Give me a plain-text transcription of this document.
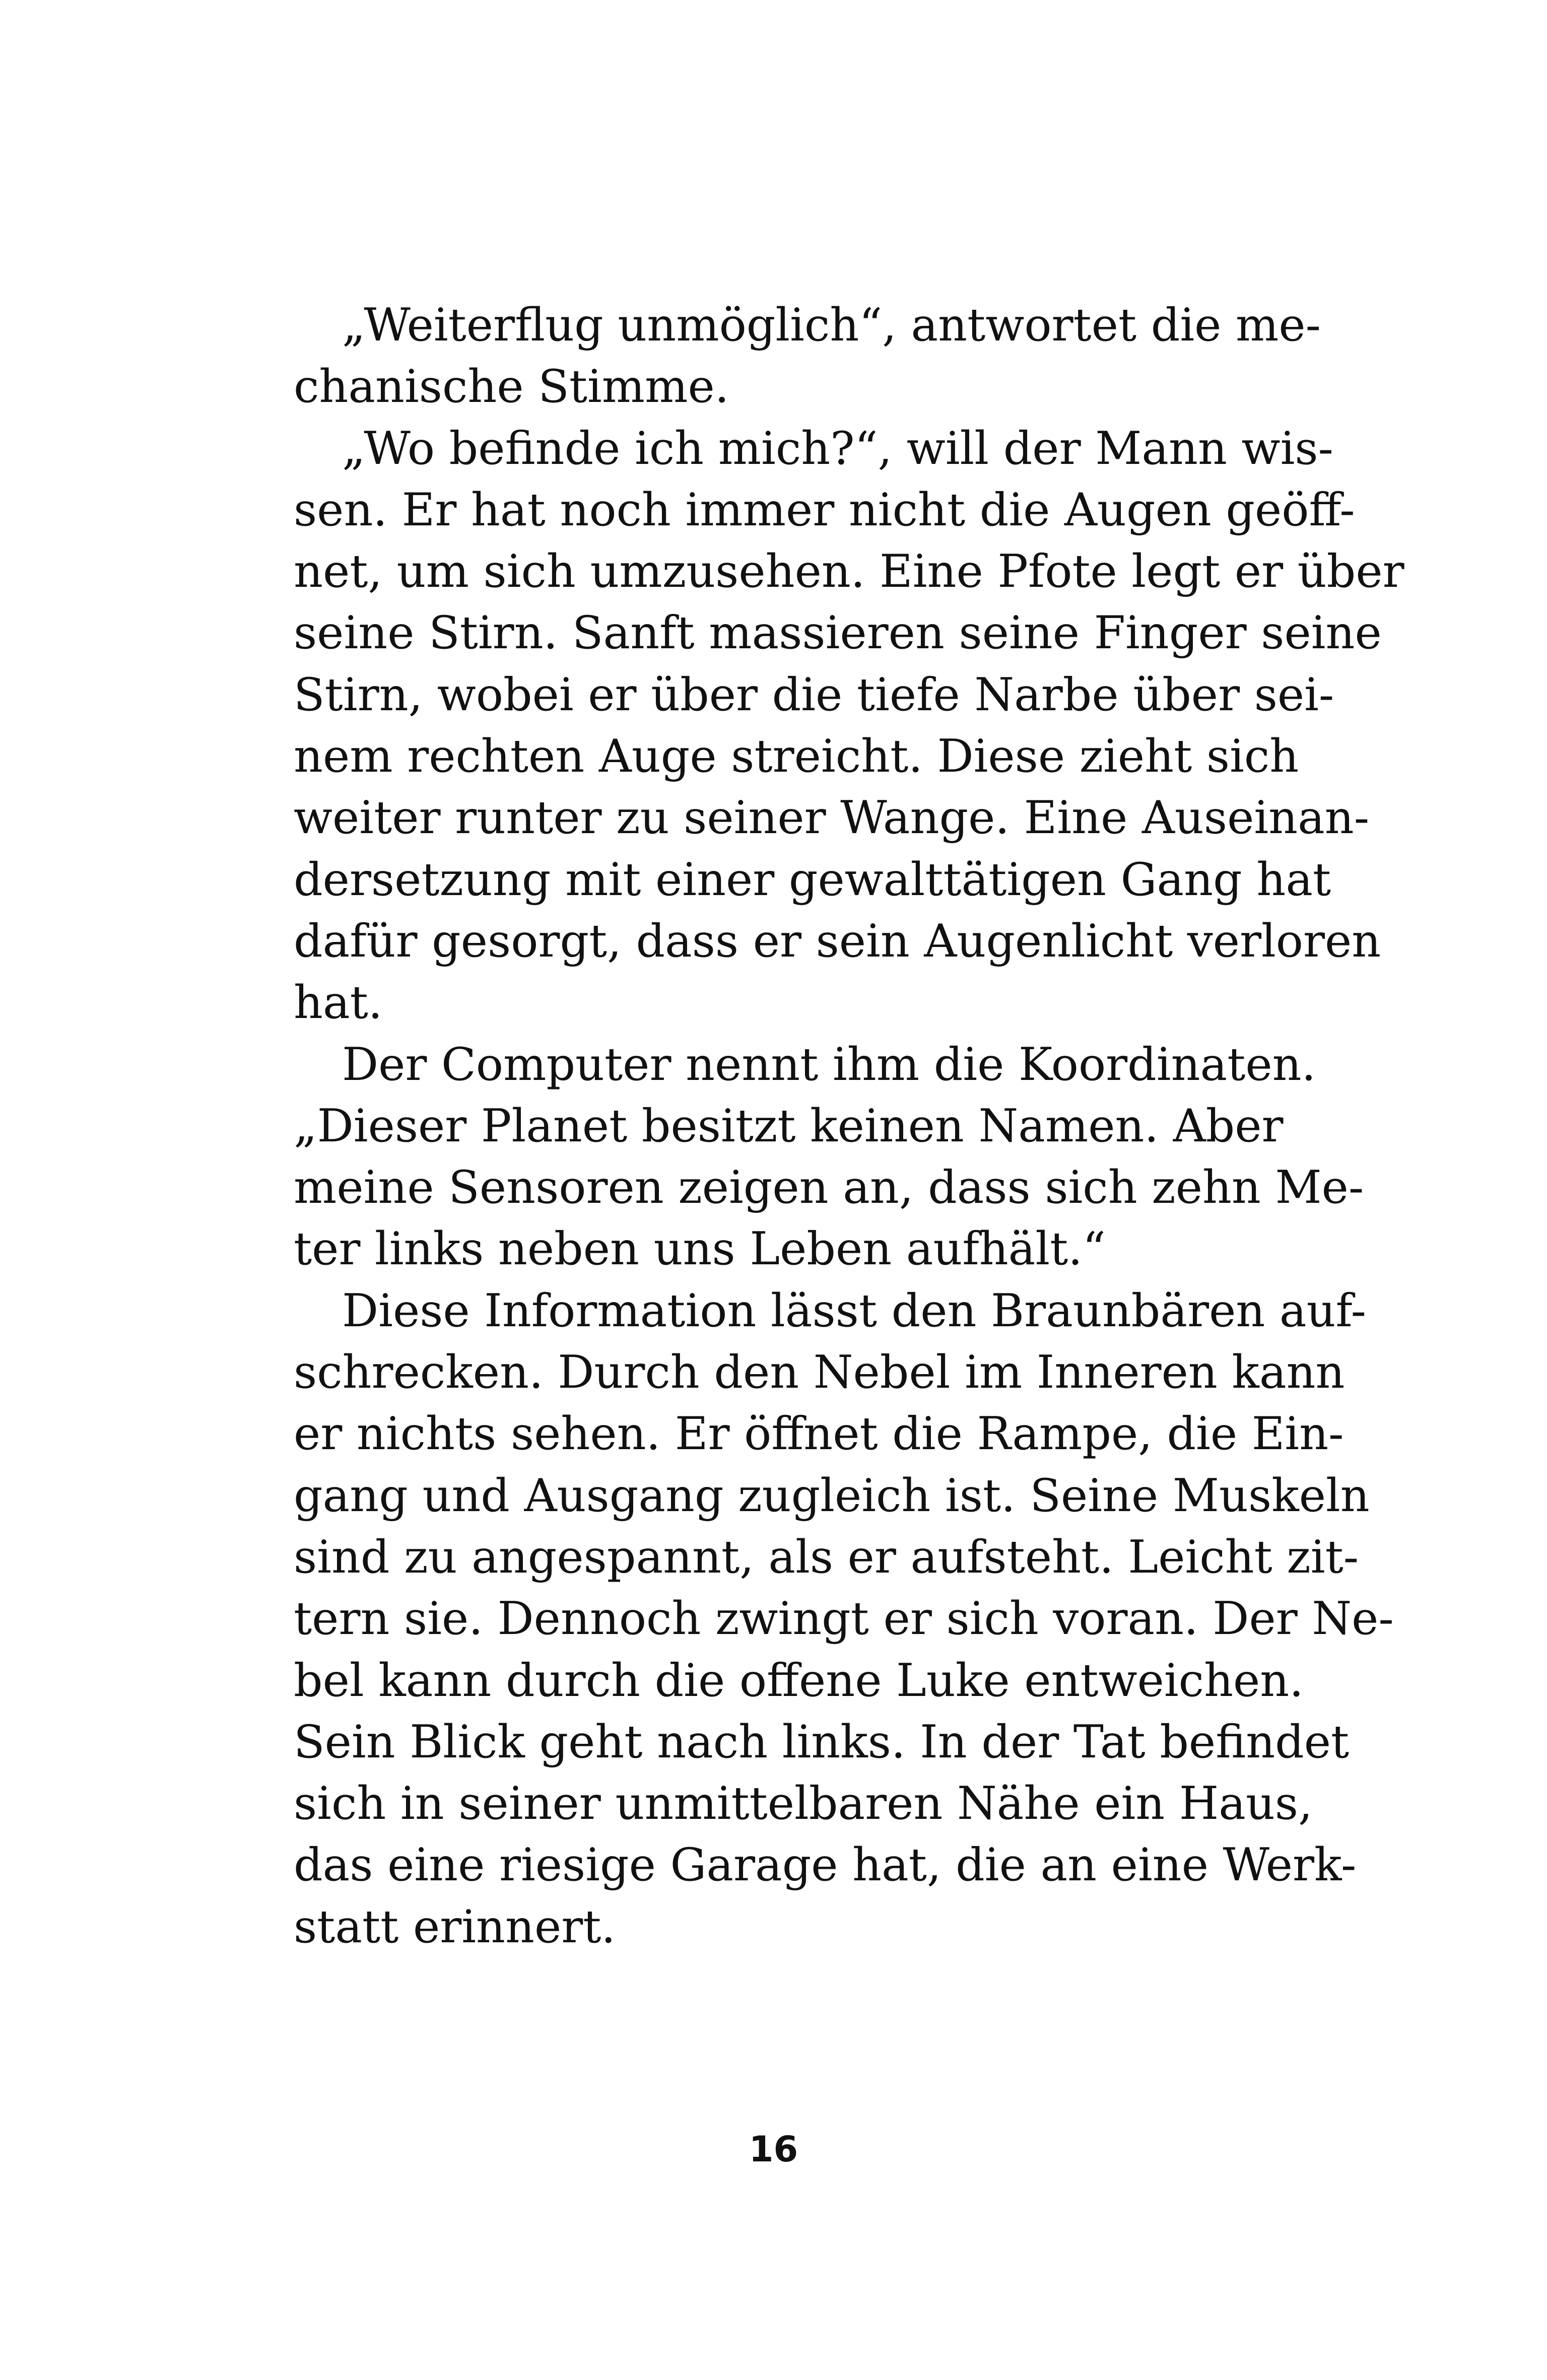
„Weiterflug unmöglich“, antwortet die me-
chanische Stimme.
„Wo befinde ich mich?“, will der Mann wis-
sen. Er hat noch immer nicht die Augen geöff-
net, um sich umzusehen. Eine Pfote legt er über
seine Stirn. Sanft massieren seine Finger seine
Stirn, wobei er über die tiefe Narbe über sei-
nem rechten Auge streicht. Diese zieht sich
weiter runter zu seiner Wange. Eine Auseinan-
dersetzung mit einer gewalttätigen Gang hat
dafür gesorgt, dass er sein Augenlicht verloren
hat.
Der Computer nennt ihm die Koordinaten.
„Dieser Planet besitzt keinen Namen. Aber
meine Sensoren zeigen an, dass sich zehn Me-
ter links neben uns Leben aufhält.“
Diese Information lässt den Braunbären auf-
schrecken. Durch den Nebel im Inneren kann
er nichts sehen. Er öffnet die Rampe, die Ein-
gang und Ausgang zugleich ist. Seine Muskeln
sind zu angespannt, als er aufsteht. Leicht zit-
tern sie. Dennoch zwingt er sich voran. Der Ne-
bel kann durch die offene Luke entweichen.
Sein Blick geht nach links. In der Tat befindet
sich in seiner unmittelbaren Nähe ein Haus,
das eine riesige Garage hat, die an eine Werk-
statt erinnert.
16
